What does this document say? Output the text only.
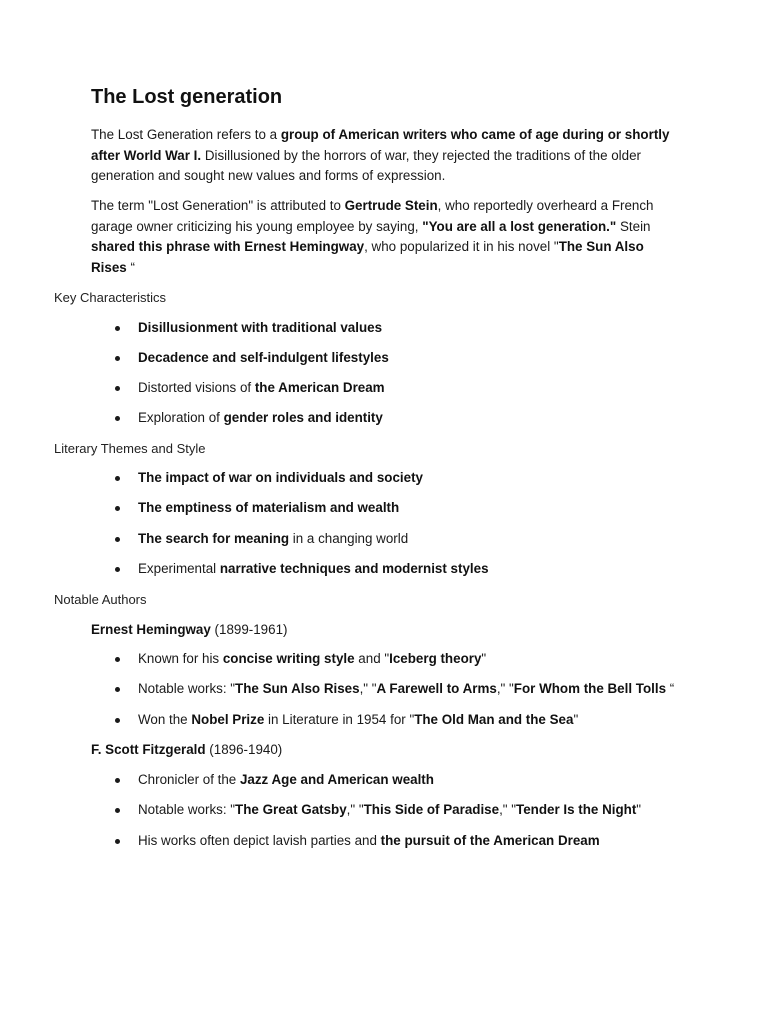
The Lost generation
The Lost Generation refers to a group of American writers who came of age during or shortly after World War I. Disillusioned by the horrors of war, they rejected the traditions of the older generation and sought new values and forms of expression.
The term "Lost Generation" is attributed to Gertrude Stein, who reportedly overheard a French garage owner criticizing his young employee by saying, "You are all a lost generation." Stein shared this phrase with Ernest Hemingway, who popularized it in his novel "The Sun Also Rises “
Key Characteristics
Disillusionment with traditional values
Decadence and self-indulgent lifestyles
Distorted visions of the American Dream
Exploration of gender roles and identity
Literary Themes and Style
The impact of war on individuals and society
The emptiness of materialism and wealth
The search for meaning in a changing world
Experimental narrative techniques and modernist styles
Notable Authors
Ernest Hemingway (1899-1961)
Known for his concise writing style and "Iceberg theory"
Notable works: "The Sun Also Rises," "A Farewell to Arms," "For Whom the Bell Tolls “
Won the Nobel Prize in Literature in 1954 for "The Old Man and the Sea"
F. Scott Fitzgerald (1896-1940)
Chronicler of the Jazz Age and American wealth
Notable works: "The Great Gatsby," "This Side of Paradise," "Tender Is the Night"
His works often depict lavish parties and the pursuit of the American Dream
